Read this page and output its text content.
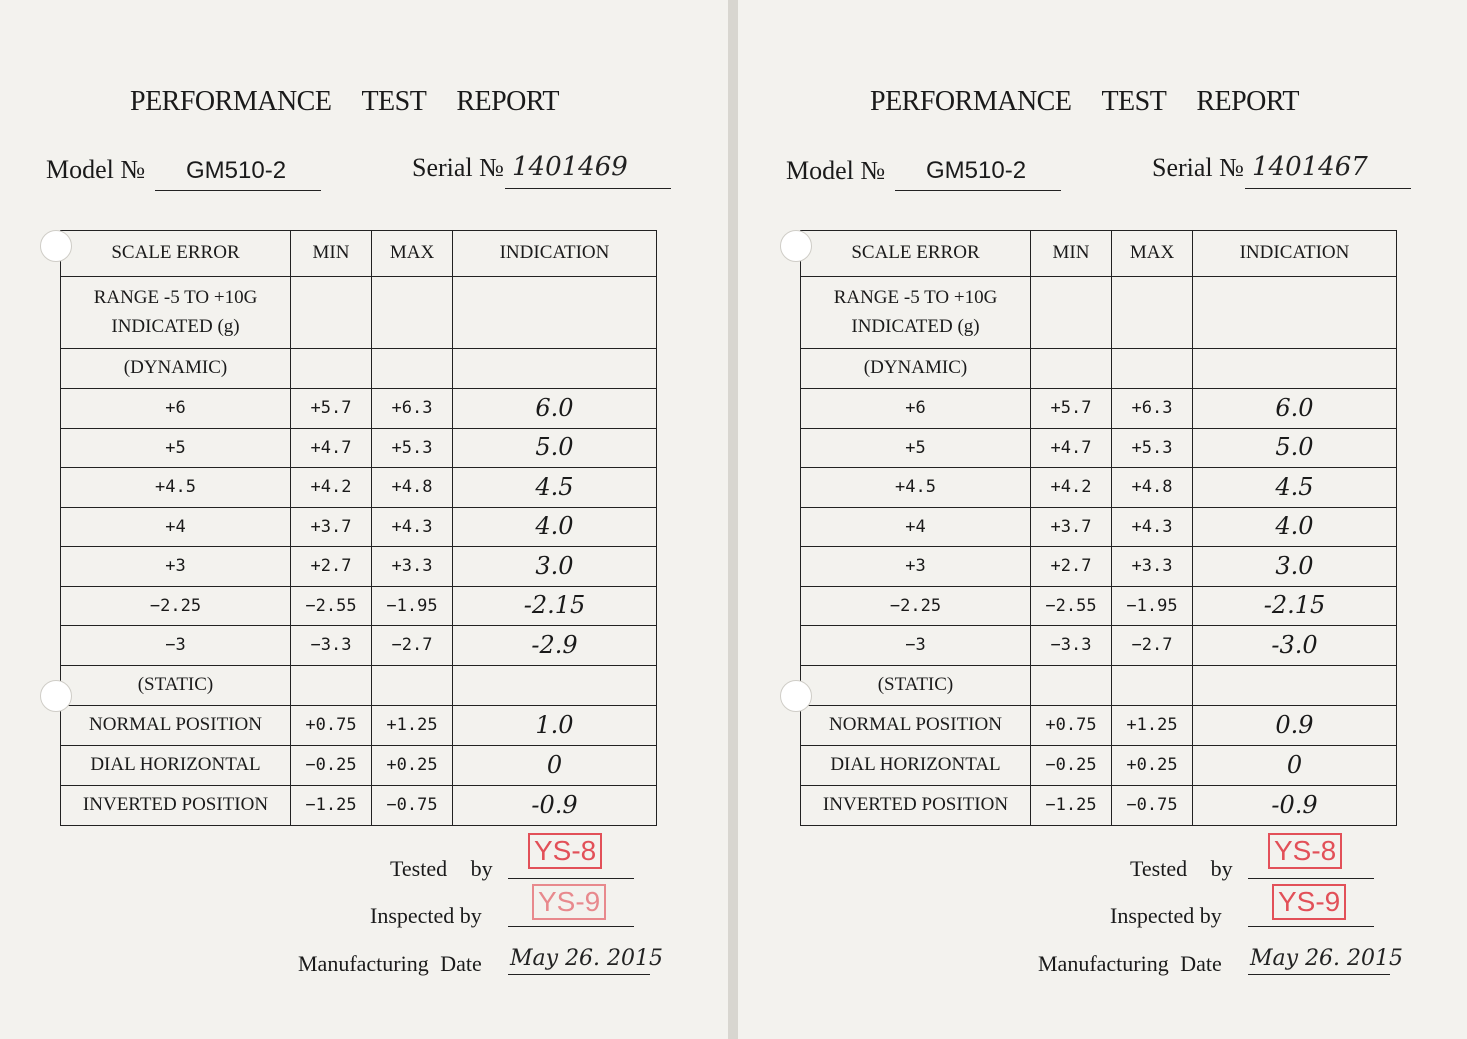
PERFORMANCE TEST REPORT
Model № GM510-2	Serial № 1401469
SCALE ERROR	MIN	MAX	INDICATION

RANGE -5 TO +10G
INDICATED (g)			

(DYNAMIC)			
+6	+5.7	+6.3	6.0
+5	+4.7	+5.3	5.0
+4.5	+4.2	+4.8	4.5
+4	+3.7	+4.3	4.0
+3	+2.7	+3.3	3.0
−2.25	−2.55	−1.95	-2.15
−3	−3.3	−2.7	-2.9
(STATIC)			
NORMAL POSITION	+0.75	+1.25	1.0
DIAL HORIZONTAL	−0.25	+0.25	0
INVERTED POSITION	−1.25	−0.75	-0.9
Tested by
YS-8
Inspected by YS-9
Manufacturing Date May 26. 2015
PERFORMANCE TEST REPORT
Model № GM510-2	Serial № 1401467
SCALE ERROR	MIN	MAX	INDICATION

RANGE -5 TO +10G
INDICATED (g)			

(DYNAMIC)			
+6	+5.7	+6.3	6.0
+5	+4.7	+5.3	5.0
+4.5	+4.2	+4.8	4.5
+4	+3.7	+4.3	4.0
+3	+2.7	+3.3	3.0
−2.25	−2.55	−1.95	-2.15
−3	−3.3	−2.7	-3.0
(STATIC)			
NORMAL POSITION	+0.75	+1.25	0.9
DIAL HORIZONTAL	−0.25	+0.25	0
INVERTED POSITION	−1.25	−0.75	-0.9
Tested by
YS-8
Inspected by YS-9
Manufacturing Date May 26. 2015
